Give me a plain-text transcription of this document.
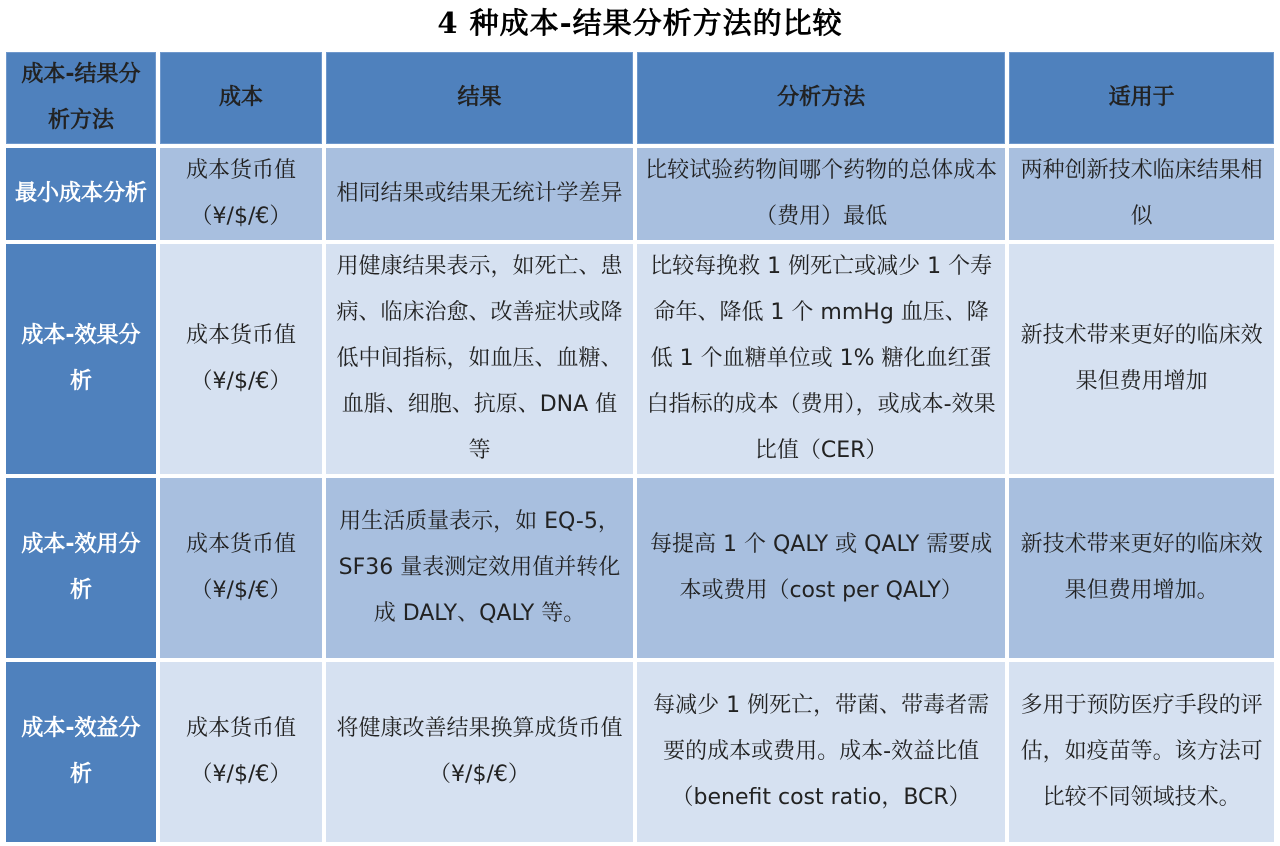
4 种成本-结果分析方法的比较
成本-结果分析方法	成本	结果	分析方法	适用于
最小成本分析	成本货币值（¥/$/€）	相同结果或结果无统计学差异	比较试验药物间哪个药物的总体成本（费用）最低	两种创新技术临床结果相似
成本-效果分析	成本货币值（¥/$/€）	用健康结果表示，如死亡、患病、临床治愈、改善症状或降低中间指标，如血压、血糖、血脂、细胞、抗原、DNA 值等	比较每挽救 1 例死亡或减少 1 个寿命年、降低 1 个 mmHg 血压、降低 1 个血糖单位或 1% 糖化血红蛋白指标的成本（费用），或成本-效果比值（CER）	新技术带来更好的临床效果但费用增加
成本-效用分析	成本货币值（¥/$/€）	用生活质量表示，如 EQ-5，SF36 量表测定效用值并转化成 DALY、QALY 等。	每提高 1 个 QALY 或 QALY 需要成本或费用（cost per QALY）	新技术带来更好的临床效果但费用增加。
成本-效益分析	成本货币值（¥/$/€）	将健康改善结果换算成货币值（¥/$/€）	每减少 1 例死亡，带菌、带毒者需要的成本或费用。成本-效益比值（benefit cost ratio，BCR）	多用于预防医疗手段的评估，如疫苗等。该方法可比较不同领域技术。
